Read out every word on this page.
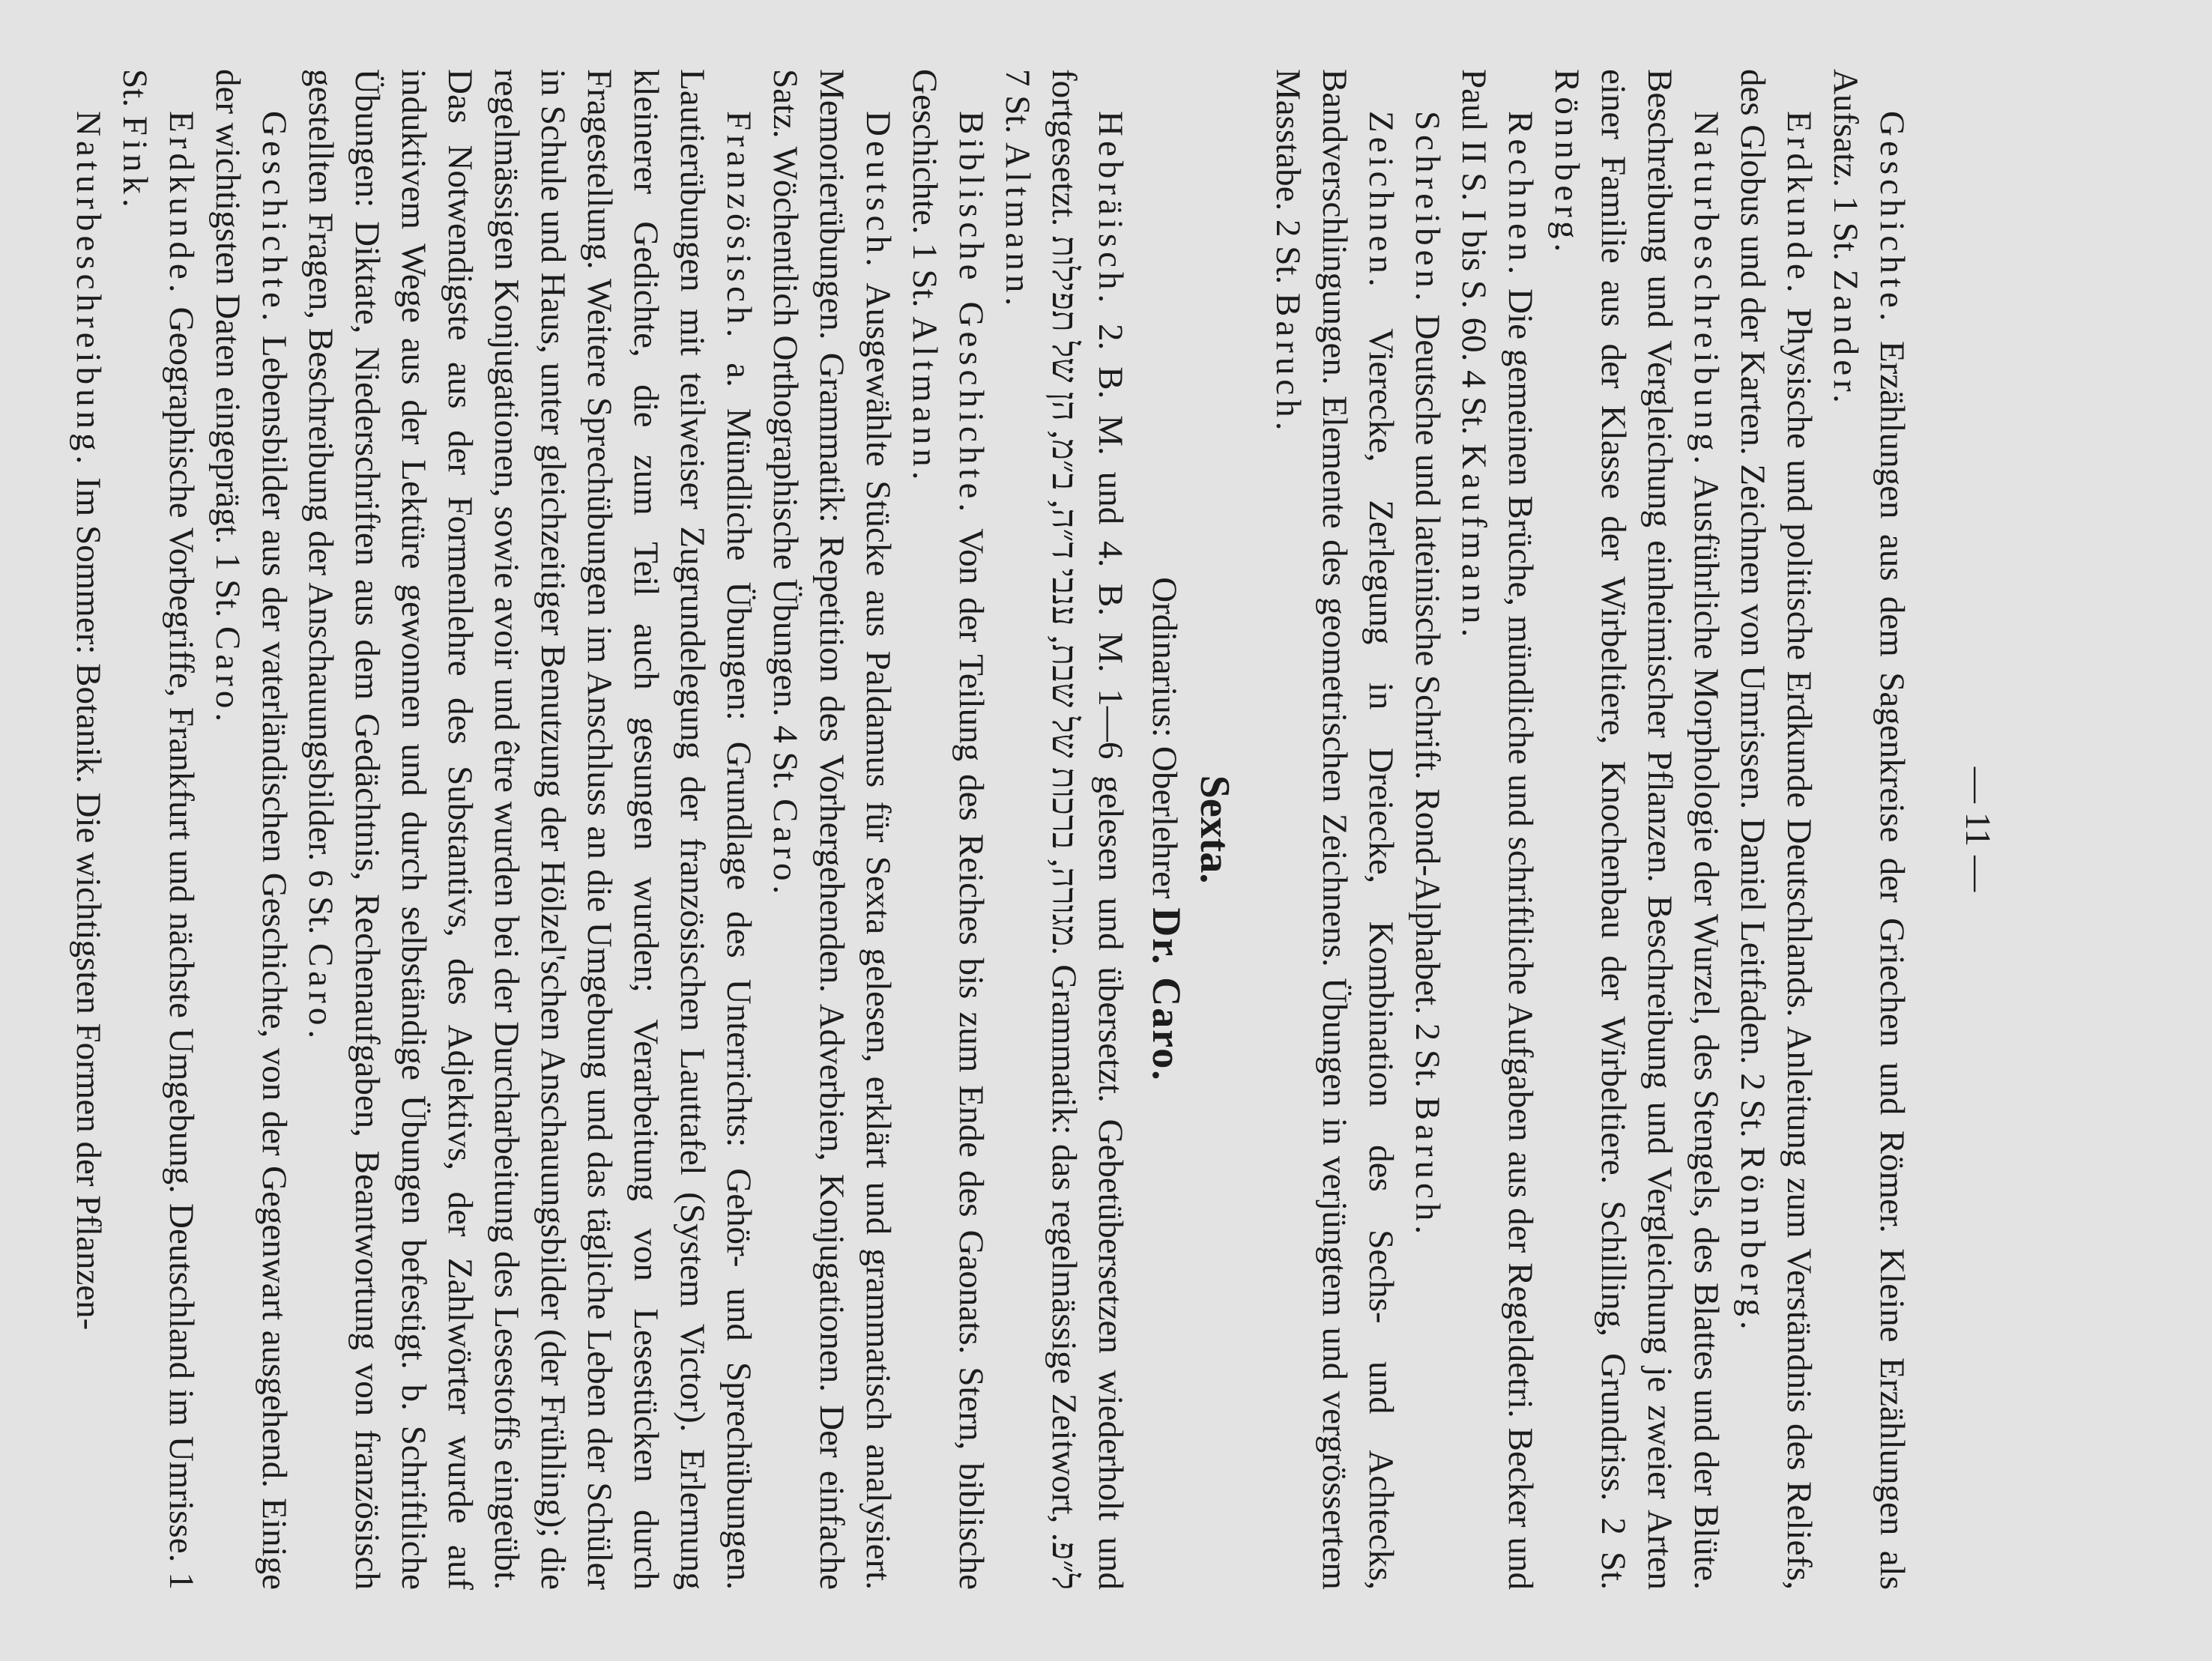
— 11 —

Geschichte. Erzählungen aus dem Sagenkreise der Griechen und Römer. Kleine Erzählungen als Aufsatz. 1 St. Zander.

Erdkunde. Physische und politische Erdkunde Deutschlands. Anleitung zum Verständnis des Reliefs, des Globus und der Karten. Zeichnen von Umrissen. Daniel Leitfaden. 2 St. Rönnberg.

Naturbeschreibung. Ausführliche Morphologie der Wurzel, des Stengels, des Blattes und der Blüte. Beschreibung und Vergleichung einheimischer Pflanzen. Beschreibung und Vergleichung je zweier Arten einer Familie aus der Klasse der Wirbeltiere, Knochenbau der Wirbeltiere. Schilling, Grundriss. 2 St. Rönnberg.

Rechnen. Die gemeinen Brüche, mündliche und schriftliche Aufgaben aus der Regeldetri. Becker und Paul II S. I bis S. 60. 4 St. Kaufmann.

Schreiben. Deutsche und lateinische Schrift. Rond-Alphabet. 2 St. Baruch.

Zeichnen. Vierecke, Zerlegung in Dreiecke, Kombination des Sechs- und Achtecks, Bandverschlingungen. Elemente des geometrischen Zeichnens. Übungen in verjüngtem und vergrössertem Masstabe. 2 St. Baruch.

Sexta.
Ordinarius: Oberlehrer Dr. Caro.

Hebräisch. 2. B. M. und 4. B. M. 1—6 gelesen und übersetzt. Gebetübersetzen wiederholt und fortgesetzt. מגורה, ברכות של שבת, ענבי ד״ה, ב״מ, הן של תפילות. Grammatik: das regelmässige Zeitwort, ל״פ. 7 St. Altmann.

Biblische Geschichte. Von der Teilung des Reiches bis zum Ende des Gaonats. Stern, biblische Geschichte. 1 St. Altmann.

Deutsch. Ausgewählte Stücke aus Paldamus für Sexta gelesen, erklärt und grammatisch analysiert. Memorierübungen. Grammatik: Repetition des Vorhergehenden. Adverbien, Konjugationen. Der einfache Satz. Wöchentlich Orthographische Übungen. 4 St. Caro.

Französisch. a. Mündliche Übungen: Grundlage des Unterrichts: Gehör- und Sprechübungen. Lautierübungen mit teilweiser Zugrundelegung der französischen Lauttafel (System Victor). Erlernung kleinerer Gedichte, die zum Teil auch gesungen wurden; Verarbeitung von Lesestücken durch Fragestellung. Weitere Sprechübungen im Anschluss an die Umgebung und das tägliche Leben der Schüler in Schule und Haus, unter gleichzeitiger Benutzung der Hölzel'schen Anschauungsbilder (der Frühling); die regelmässigen Konjugationen, sowie avoir und être wurden bei der Durcharbeitung des Lesestoffs eingeübt. Das Notwendigste aus der Formenlehre des Substantivs, des Adjektivs, der Zahlwörter wurde auf induktivem Wege aus der Lektüre gewonnen und durch selbständige Übungen befestigt. b. Schriftliche Übungen: Diktate, Niederschriften aus dem Gedächtnis, Rechenaufgaben, Beantwortung von französisch gestellten Fragen, Beschreibung der Anschauungsbilder. 6 St. Caro.

Geschichte. Lebensbilder aus der vaterländischen Geschichte, von der Gegenwart ausgehend. Einige der wichtigsten Daten eingeprägt. 1 St. Caro.

Erdkunde. Geographische Vorbegriffe, Frankfurt und nächste Umgebung. Deutschland im Umrisse. 1 St. Fink.

Naturbeschreibung. Im Sommer: Botanik. Die wichtigsten Formen der Pflanzen-
